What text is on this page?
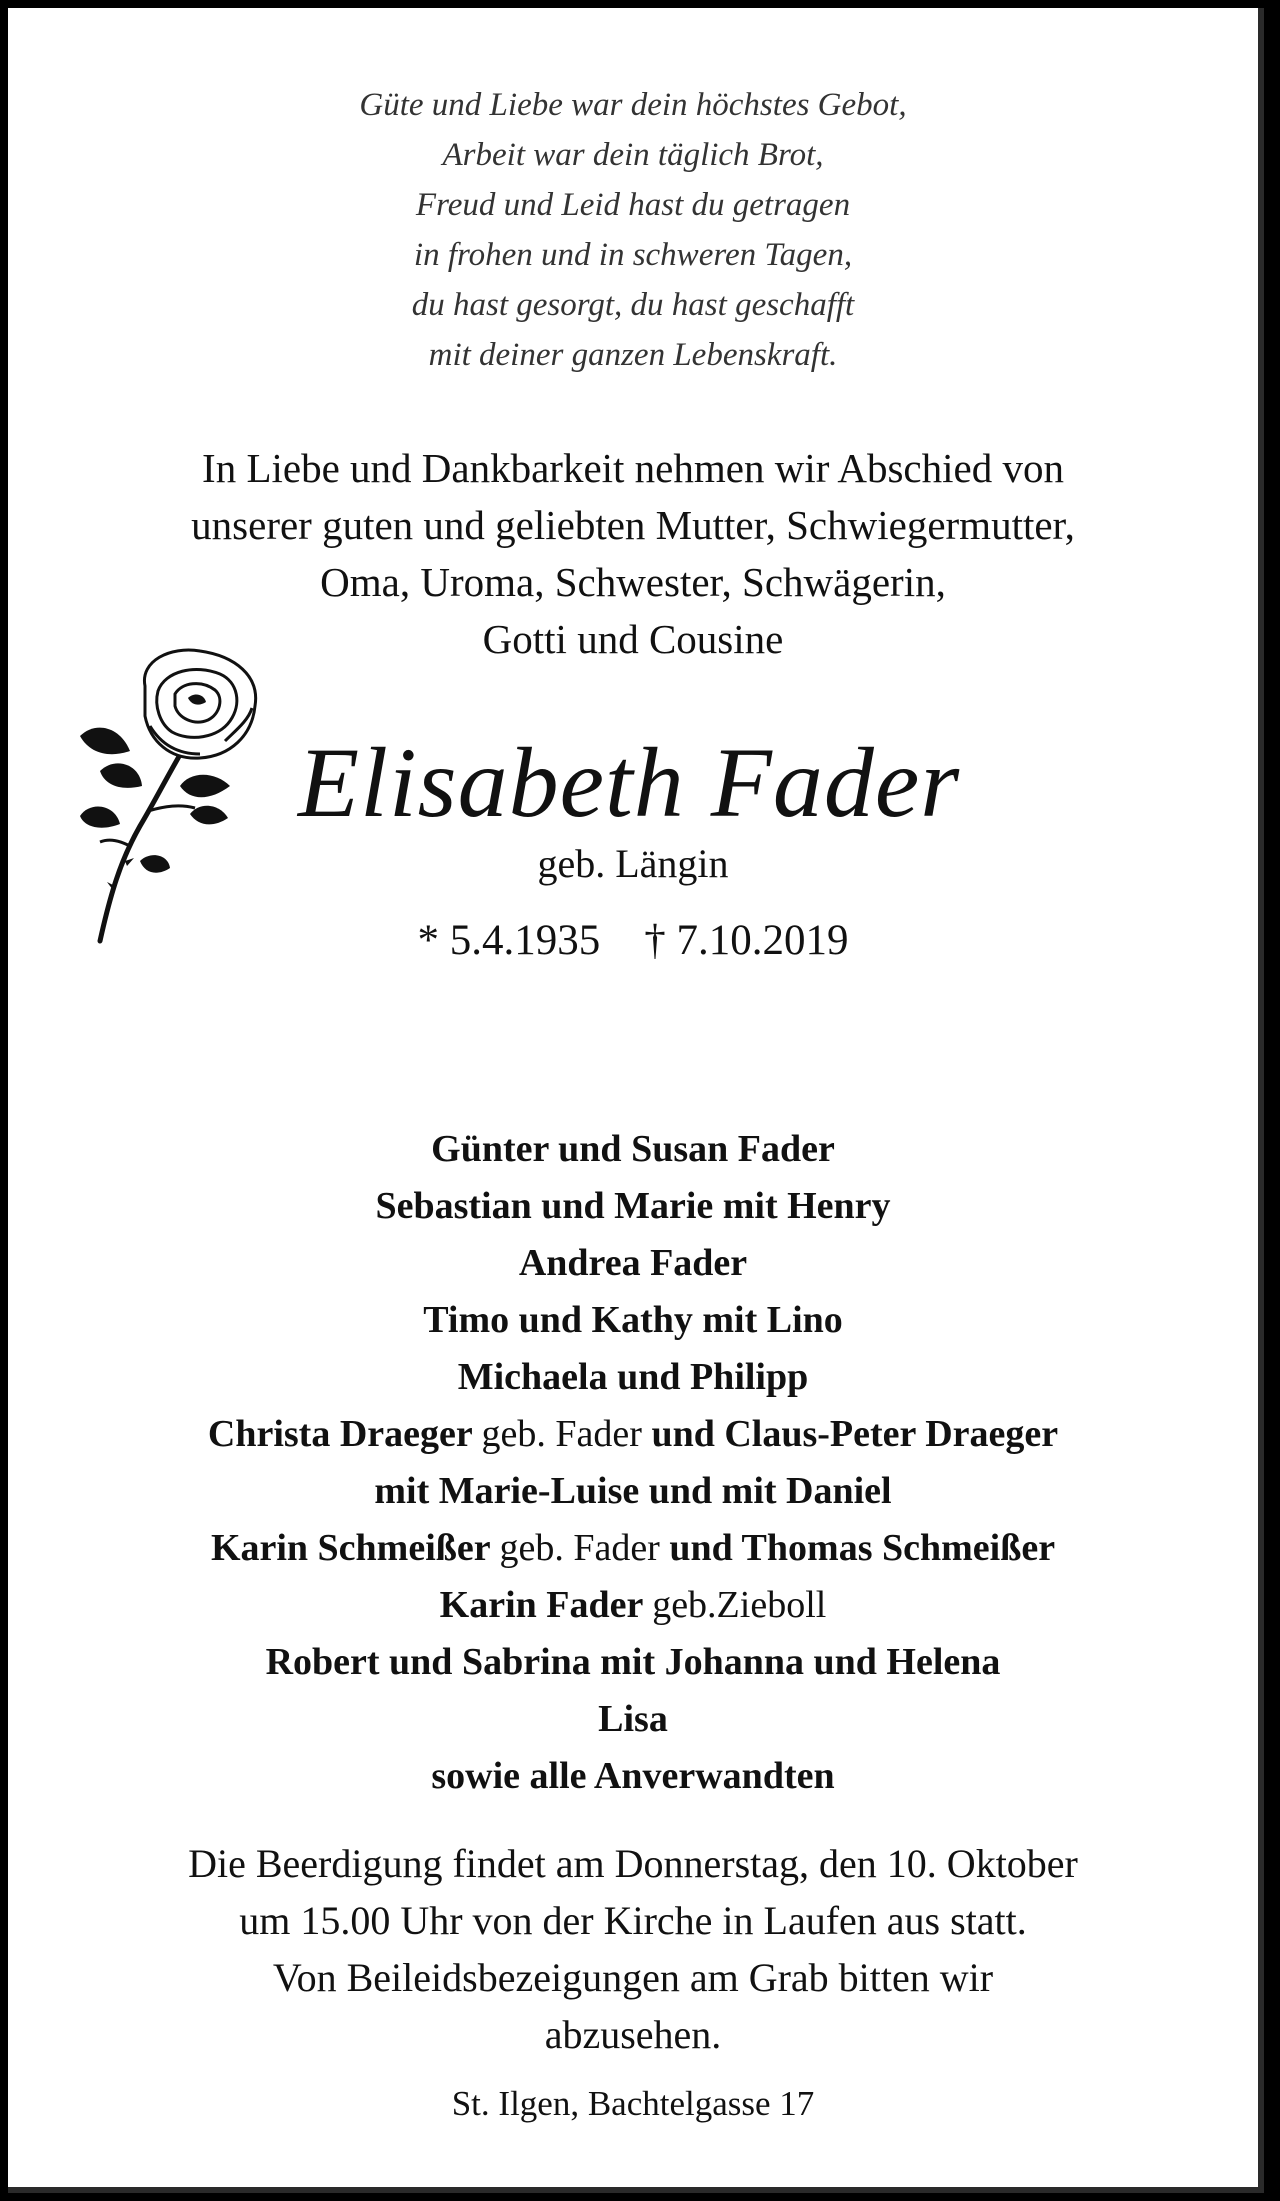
Güte und Liebe war dein höchstes Gebot,
Arbeit war dein täglich Brot,
Freud und Leid hast du getragen
in frohen und in schweren Tagen,
du hast gesorgt, du hast geschafft
mit deiner ganzen Lebenskraft.
In Liebe und Dankbarkeit nehmen wir Abschied von
unserer guten und geliebten Mutter, Schwiegermutter,
Oma, Uroma, Schwester, Schwägerin,
Gotti und Cousine
Elisabeth Fader
geb. Längin
* 5.4.1935 † 7.10.2019
Günter und Susan Fader
Sebastian und Marie mit Henry
Andrea Fader
Timo und Kathy mit Lino
Michaela und Philipp
Christa Draeger geb. Fader und Claus-Peter Draeger
mit Marie-Luise und mit Daniel
Karin Schmeißer geb. Fader und Thomas Schmeißer
Karin Fader geb.Zieboll
Robert und Sabrina mit Johanna und Helena
Lisa
sowie alle Anverwandten
Die Beerdigung findet am Donnerstag, den 10. Oktober
um 15.00 Uhr von der Kirche in Laufen aus statt.
Von Beileidsbezeigungen am Grab bitten wir
abzusehen.
St. Ilgen, Bachtelgasse 17
